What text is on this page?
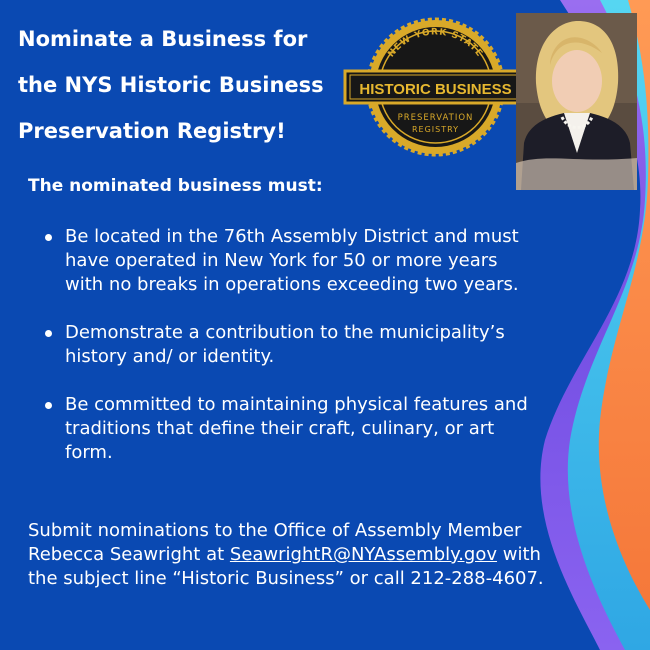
Nominate a Business for
the NYS Historic Business
Preservation Registry!
NEW YORK STATE
HISTORIC BUSINESS
PRESERVATION
REGISTRY

The nominated business must:

Be located in the 76th Assembly District and must have operated in New York for 50 or more years with no breaks in operations exceeding two years.
Demonstrate a contribution to the municipality’s history and/ or identity.
Be committed to maintaining physical features and traditions that define their craft, culinary, or art form.

Submit nominations to the Office of Assembly Member Rebecca Seawright at SeawrightR@NYAssembly.gov with the subject line “Historic Business” or call 212-288-4607.
